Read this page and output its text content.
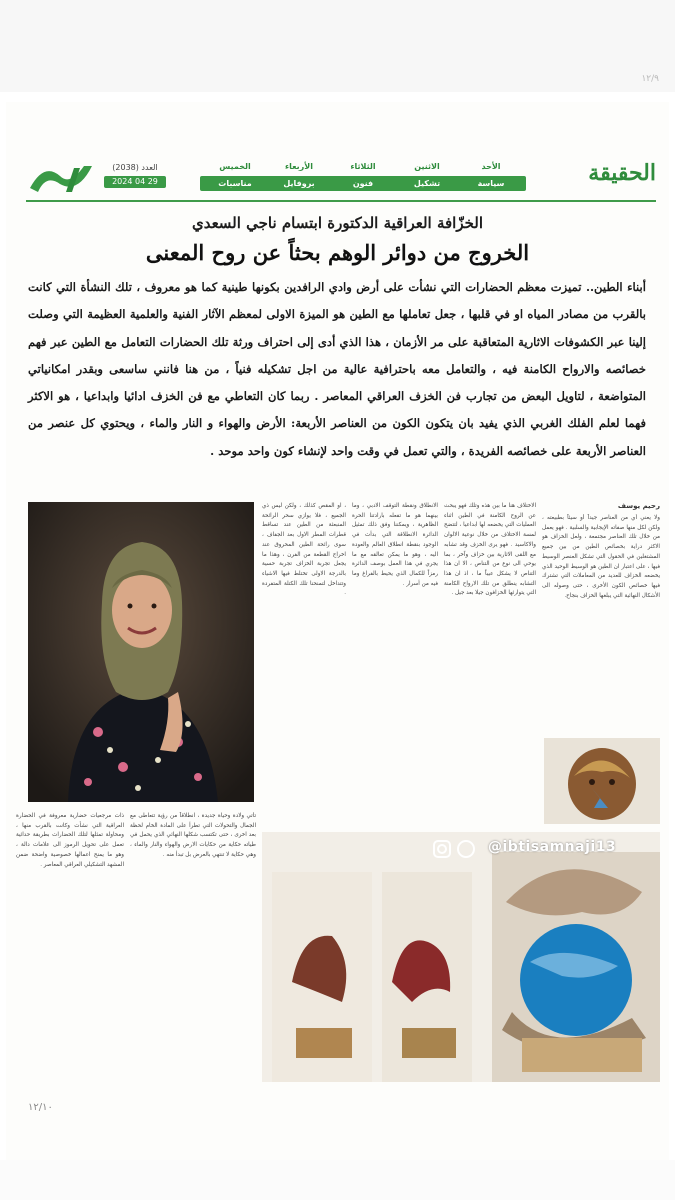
١٢/٩
الحقيقة
الأحد
سياسة
الاثنين
تشكيل
الثلاثاء
فنون
الأربعاء
بروفايل
الخميس
مناسبات
العدد (2038)
2024 04 29
الخزّافة العراقية الدكتورة ابتسام ناجي السعدي
الخروج من دوائر الوهم بحثاً عن روح المعنى
أبناء الطين.. تميزت معظم الحضارات التي نشأت على أرض وادي الرافدين بكونها طينية كما هو معروف ، تلك النشأة التي كانت بالقرب من مصادر المياه او في قلبها ، جعل تعاملها مع الطين هو الميزة الاولى لمعظم الآثار الفنية والعلمية العظيمة التي وصلت إلينا عبر الكشوفات الاثارية المتعاقبة على مر الأزمان ، هذا الذي أدى إلى احتراف ورثة تلك الحضارات التعامل مع الطين عبر فهم خصائصه والارواح الكامنة فيه ، والتعامل معه باحترافية عالية من اجل تشكيله فنياً ، من هنا فانني ساسعى وبقدر امكانياتي المتواضعة ، لتاويل البعض من تجارب فن الخزف العراقي المعاصر . ربما كان التعاطي مع فن الخزف ادائيا وابداعيا ، هو الاكثر فهما لعلم الفلك الغربي الذي يفيد بان يتكون الكون من العناصر الأربعة: الأرض والهواء و النار والماء ، ويحتوي كل عنصر من العناصر الأربعة على خصائصه الفريدة ، والتي تعمل في وقت واحد لإنشاء كون واحد موحد .
رحيم يوسف
ولا يعني أي من العناصر جيداً أو سيئاً بطبيعته ، ولكن لكل منها صفاته الإيجابية والسلبية . فهو يعمل من خلال تلك العناصر مجتمعة ، ولعل الخزاف هو الاكثر دراية بخصائص الطين من بين جميع المشتغلين في الحقول التي تشكل العنصر الوسيط فيها ، على اعتبار ان الطين هو الوسيط الوحيد الذي يخضعه الخزاف للعديد من المعاملات التي تشترك فيها خصائص الكون الأخرى ، حتى وصوله الى الأشكال النهائية التي يبلغها الخزاف بنجاح.
الاختلاف هنا ما بين هذه وتلك فهو يبحث عن الروح الكامنة في الطين اثناء العمليات التي يخضعه لها ابداعيا ، لتتضح لمسة الاختلاف من خلال نوعية الالوان والاكاسيد . فهو يرى الخزف وقد تشابه مع اللقى الاثارية بين خزاف وآخر ، بما يوحي الى نوع من التناص ، الا ان هذا التناص لا يشكل عيباً ما ، اذ ان هذا التشابه ينطلق من تلك الارواح الكامنة التي يتوارثها الخزافون جيلا بعد جيل .
الانطلاق ونقطة التوقف الادبي ، وما بينهما هو ما تفعله بارادتنا الحرة الظاهرية ، ويمكننا وفق ذلك تمثيل الدائرة الانطلاقة التي بدأت في الوجود بنقطة انطلاق العالم والعودة اليه ، وهو ما يمكن تعالقه مع ما يجري في هذا العمل بوصف الدائرة رمزاً للكمال الذي يحيط بالفراغ وما فيه من أسرار .
، او المقص كذلك ، ولكن ليس ذي الجميع ، فلا يوازي سحر الرائحة المنبعثة من الطين عند تساقط قطرات المطر الاول بعد الجفاف ، سوى رائحة الطين المحروق عند اخراج القطعة من الفرن ، وهذا ما يجعل تجربة الخزاف تجربة حسية بالدرجة الاولى تختلط فيها الاشياء وتتداخل لتمنحنا تلك الكتلة المتفردة .
تأتي ولادة وحياة جديدة ، انطلاقاً من رؤية تتعاطى مع الجمال والتحولات التي تطرأ على المادة الخام لحظة بعد اخرى ، حتى تكتسب شكلها النهائي الذي يحمل في طياته حكاية من حكايات الارض والهواء والنار والماء ، وهي حكاية لا تنتهي بالعرض بل تبدأ منه .
ذات مرجعيات حضارية معروفة في الحضارة العراقية التي نشأت وكانت بالقرب منها ، ومحاولة تمثلها لتلك الحضارات بطريقة حداثية تعمل على تحويل الرموز الى علامات دالة ، وهو ما يمنح اعمالها خصوصية واضحة ضمن المشهد التشكيلي العراقي المعاصر .
@ibtisamnaji13
١٢/١٠
